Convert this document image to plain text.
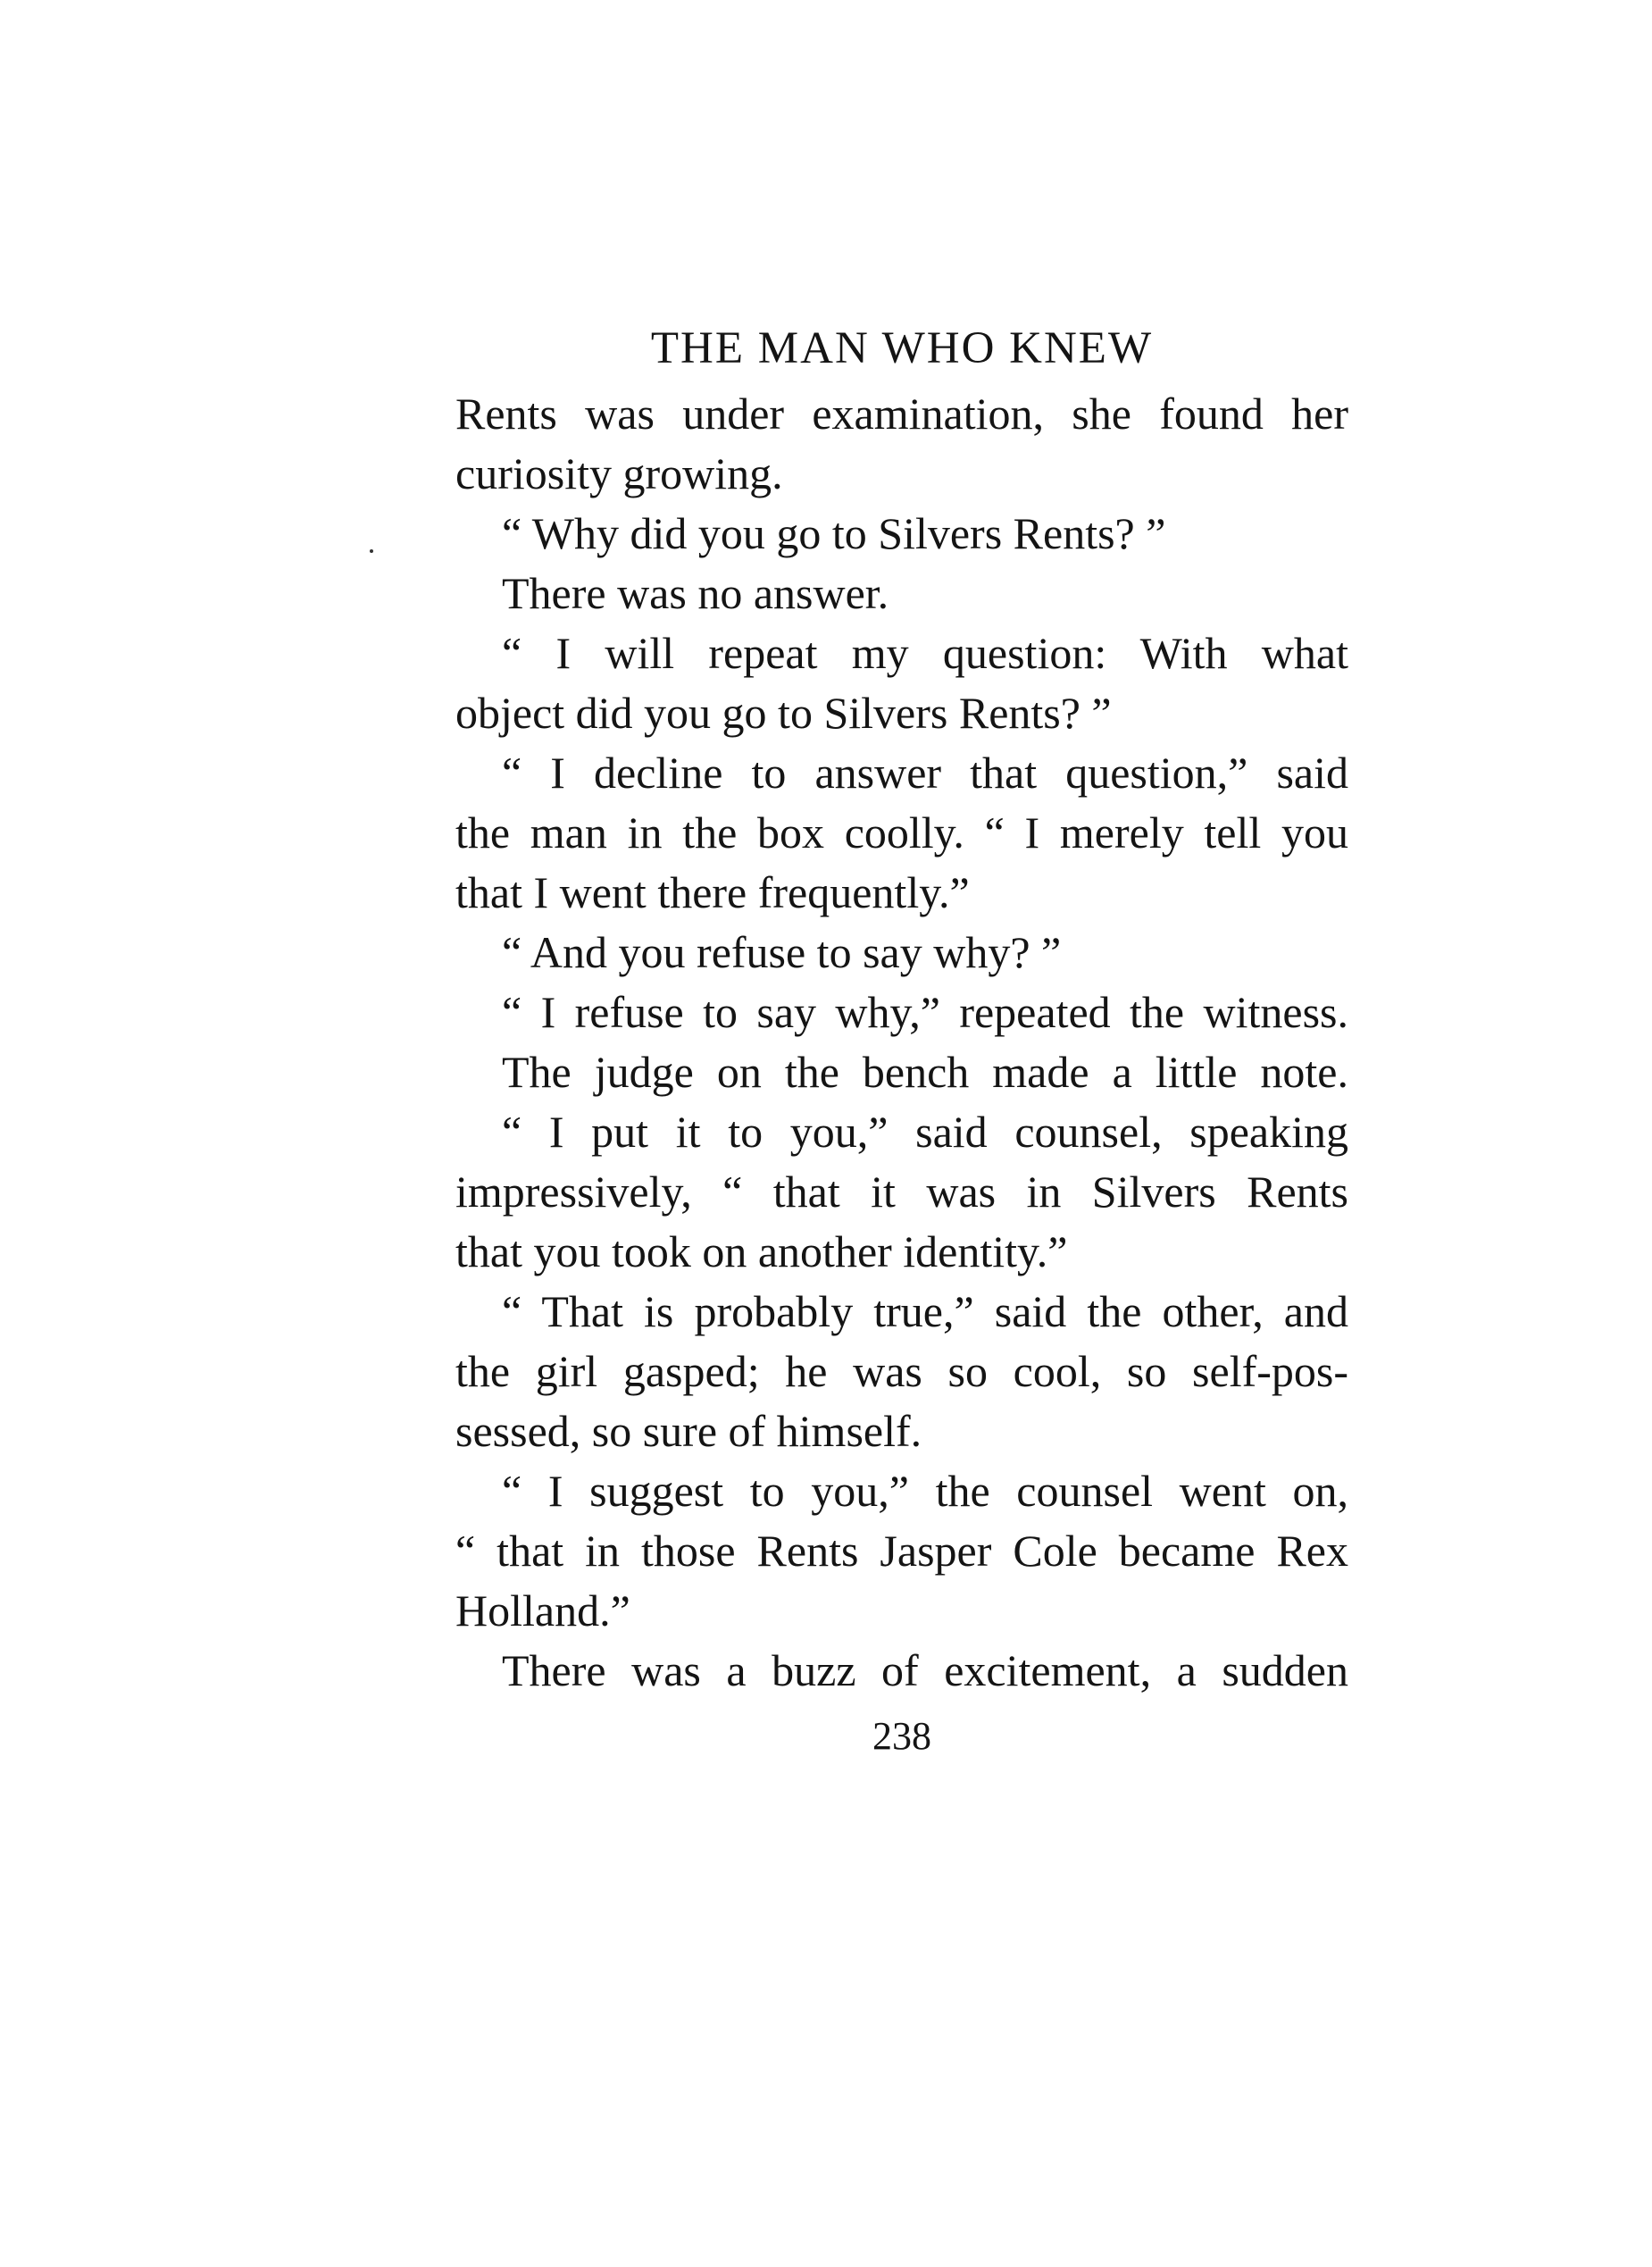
THE MAN WHO KNEW
Rents was under examination, she found her
curiosity growing.
“ Why did you go to Silvers Rents? ”
There was no answer.
“ I will repeat my question: With what
object did you go to Silvers Rents? ”
“ I decline to answer that question,” said
the man in the box coolly. “ I merely tell you
that I went there frequently.”
“ And you refuse to say why? ”
“ I refuse to say why,” repeated the witness.
The judge on the bench made a little note.
“ I put it to you,” said counsel, speaking
impressively, “ that it was in Silvers Rents
that you took on another identity.”
“ That is probably true,” said the other, and
the girl gasped; he was so cool, so self-pos-
sessed, so sure of himself.
“ I suggest to you,” the counsel went on,
“ that in those Rents Jasper Cole became Rex
Holland.”
There was a buzz of excitement, a sudden
238
